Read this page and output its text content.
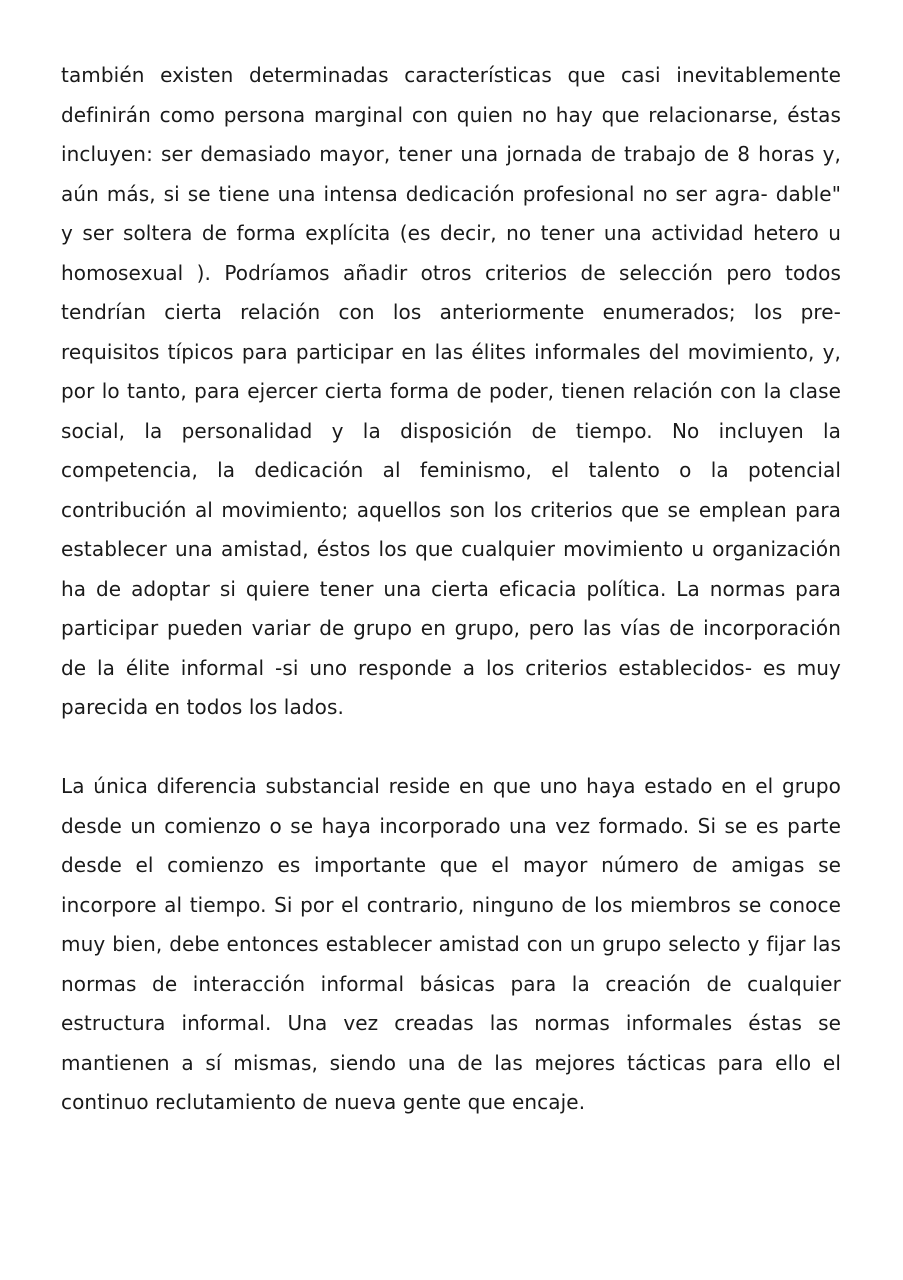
también existen determinadas características que casi inevitablemente definirán como persona marginal con quien no hay que relacionarse, éstas incluyen: ser demasiado mayor, tener una jornada de trabajo de 8 horas y, aún más, si se tiene una intensa dedicación profesional no ser agra- dable" y ser soltera de forma explícita (es decir, no tener una actividad hetero u homosexual ). Podríamos añadir otros criterios de selección pero todos tendrían cierta relación con los anteriormente enumerados; los pre-requisitos típicos para participar en las élites informales del movimiento, y, por lo tanto, para ejercer cierta forma de poder, tienen relación con la clase social, la personalidad y la disposición de tiempo. No incluyen la competencia, la dedicación al feminismo, el talento o la potencial contribución al movimiento; aquellos son los criterios que se emplean para establecer una amistad, éstos los que cualquier movimiento u organización ha de adoptar si quiere tener una cierta eficacia política. La normas para participar pueden variar de grupo en grupo, pero las vías de incorporación de la élite informal -si uno responde a los criterios establecidos- es muy parecida en todos los lados.

La única diferencia substancial reside en que uno haya estado en el grupo desde un comienzo o se haya incorporado una vez formado. Si se es parte desde el comienzo es importante que el mayor número de amigas se incorpore al tiempo. Si por el contrario, ninguno de los miembros se conoce muy bien, debe entonces establecer amistad con un grupo selecto y fijar las normas de interacción informal básicas para la creación de cualquier estructura informal. Una vez creadas las normas informales éstas se mantienen a sí mismas, siendo una de las mejores tácticas para ello el continuo reclutamiento de nueva gente que encaje.
